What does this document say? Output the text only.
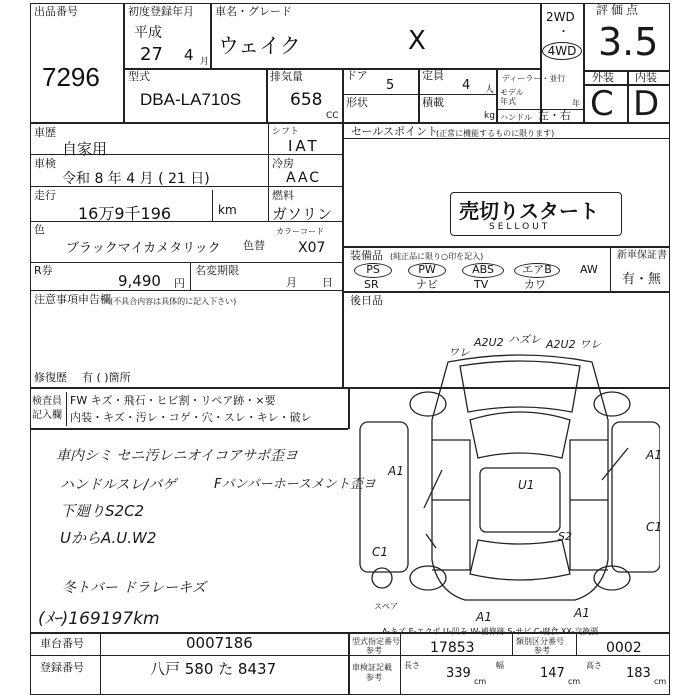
出品番号
7296
初度登録年月
平成
27 4 月
車名・グレード
ウェイク	X
2WD
・
4WD
評価点
3.5
型式
DBA-LA710S
排気量
658
CC
ドア
5
定員
4 人
形状	積載
kg
ディーラー・並行
モデル年式	年
ハンドル 左・右
外装 内装
C D
車歴
自家用
シフト
IAT
車検
令和 8 年 4 月 ( 21 日)
冷房
AAC
走行
16万9千196	km
燃料
ガソリン
色
ブラックマイカメタリック 色替
カラーコード
X07
R券
9,490 円
名変期限
月 日
注意事項申告欄 (不具合内容は具体的に記入下さい)
修復歴 有 ( )箇所
セールスポイント
(正常に機能するものに限ります)
売切りスタート
SELLOUT
装備品 (純正品に限り○印を記入)	新車保証書
有・無
PS	PW	ABS	エアB	AW
SR	ナビ	TV	カワ
後日品
検査員
記入欄
FW キズ・飛石・ヒビ割・リペア跡・×要
内装・キズ・汚レ・コゲ・穴・スレ・キレ・破レ
車内シミ セニ汚レニオイ コアサポ歪ヨ
ハンドルスレ/バゲ	Fパンパーホースメント歪ヨ
下廻りS2C2
UからA.U.W2
冬トバー ドラレーキズ
(ﾒｰ)169197km
A2U2 ハズレ A2U2 ワレ
ワレ
A1
A1
U1
C1
C1
S2
A1	A1
スペア
車台番号	0007186
登録番号	八戸 580 た 8437
型式指定番号
参考	17853	類別区分番号
参考	0002
車検証記載
参考
長さ
339
cm
幅
147
cm
高さ
183
cm
